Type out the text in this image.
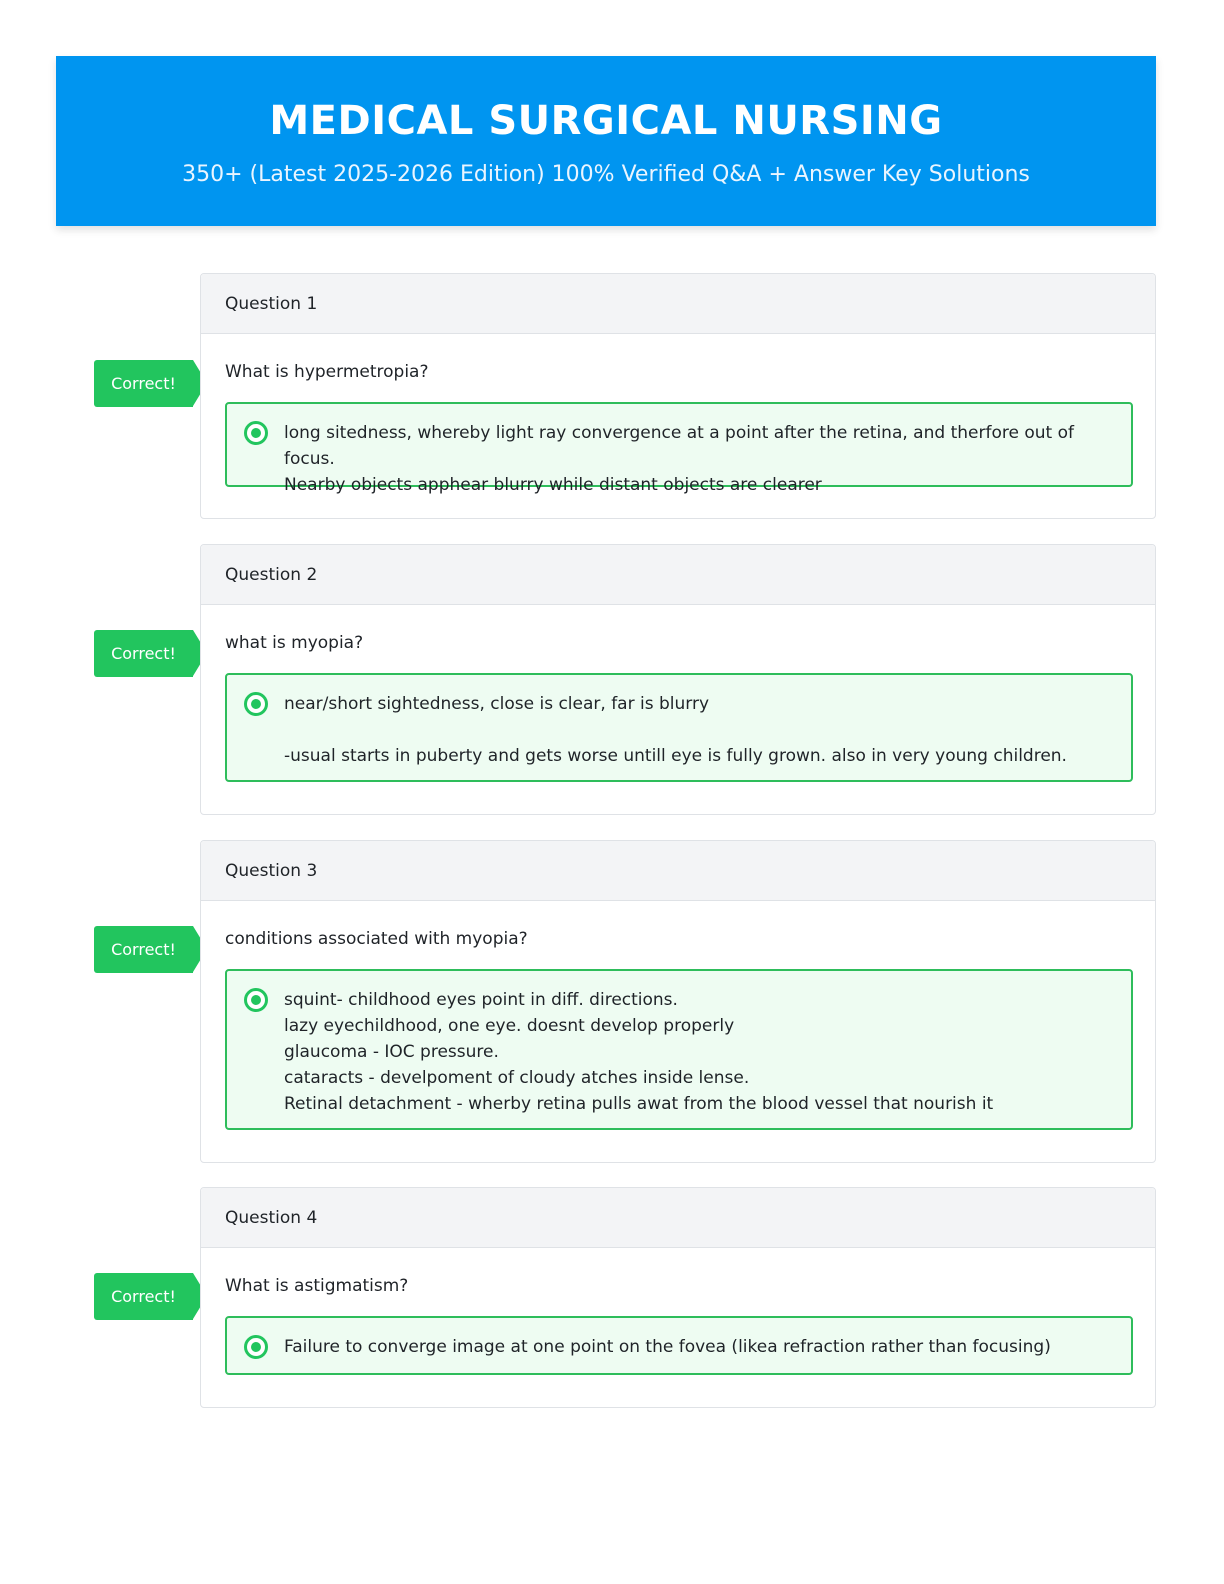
MEDICAL SURGICAL NURSING
350+ (Latest 2025-2026 Edition) 100% Verified Q&A + Answer Key Solutions
Correct!
Question 1
What is hypermetropia?
long sitedness, whereby light ray convergence at a point after the retina, and therfore out of focus.
Nearby objects apphear blurry while distant objects are clearer
Correct!
Question 2
what is myopia?
near/short sightedness, close is clear, far is blurry

-usual starts in puberty and gets worse untill eye is fully grown. also in very young children.
Correct!
Question 3
conditions associated with myopia?
squint- childhood eyes point in diff. directions.
lazy eyechildhood, one eye. doesnt develop properly
glaucoma - IOC pressure.
cataracts - develpoment of cloudy atches inside lense.
Retinal detachment - wherby retina pulls awat from the blood vessel that nourish it
Correct!
Question 4
What is astigmatism?
Failure to converge image at one point on the fovea (likea refraction rather than focusing)
